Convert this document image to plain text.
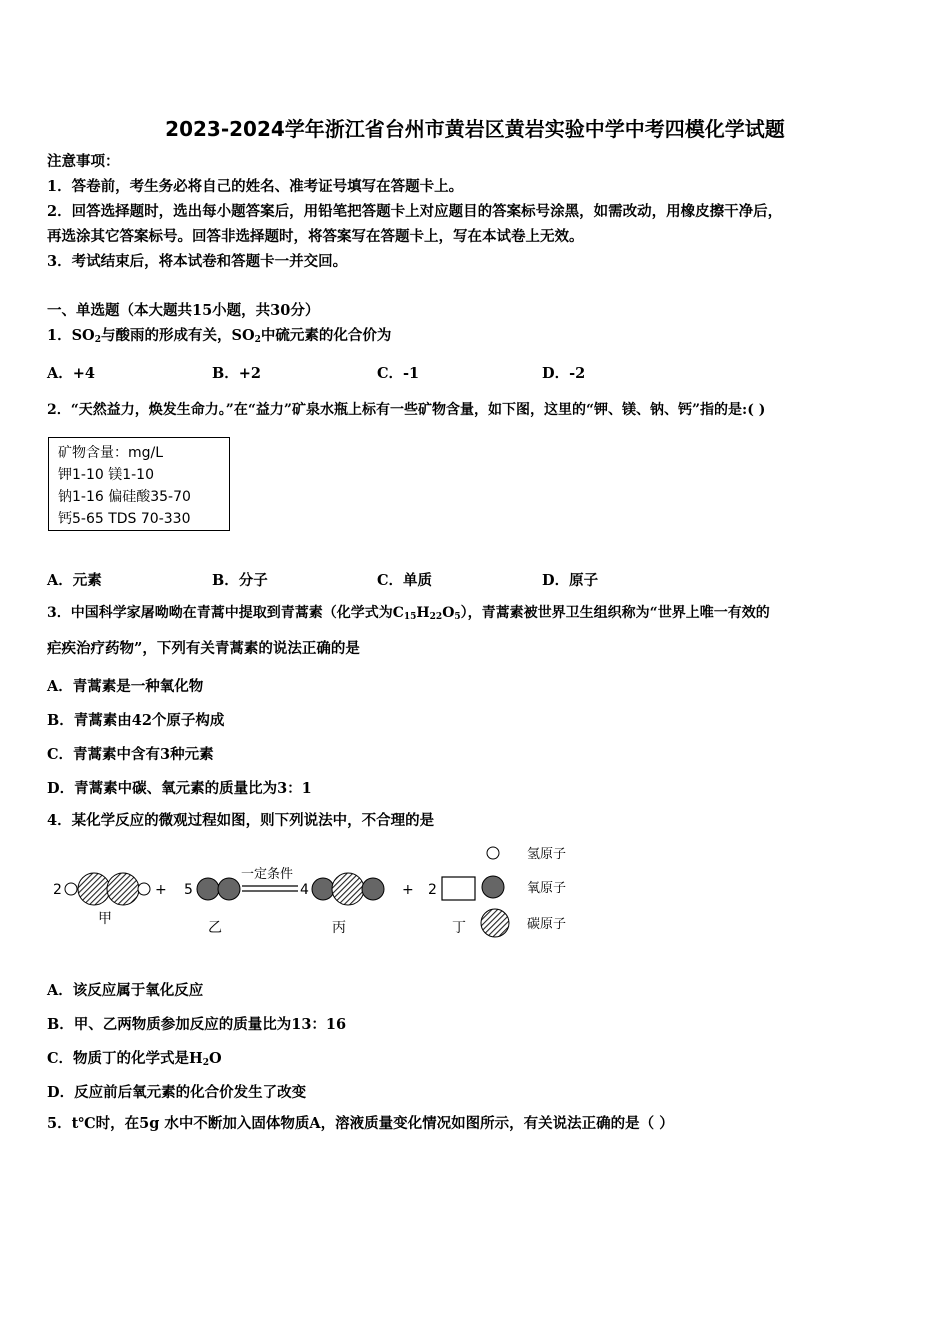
2023-2024学年浙江省台州市黄岩区黄岩实验中学中考四模化学试题
注意事项：
1．答卷前，考生务必将自己的姓名、准考证号填写在答题卡上。
2．回答选择题时，选出每小题答案后，用铅笔把答题卡上对应题目的答案标号涂黑，如需改动，用橡皮擦干净后，
再选涂其它答案标号。回答非选择题时，将答案写在答题卡上，写在本试卷上无效。
3．考试结束后，将本试卷和答题卡一并交回。
一、单选题（本大题共15小题，共30分）
1．$SO_2$与酸雨的形成有关，$SO_2$中硫元素的化合价为
A．+4	B．+2	C．-1	D．-2
2．“天然益力，焕发生命力。”在“益力”矿泉水瓶上标有一些矿物含量，如下图，这里的“钾、镁、钠、钙”指的是:( )
矿物含量：mg/L
钾1-10 镁1-10
钠1-16 偏硅酸35-70
钙5-65 TDS 70-330
A．元素	B．分子	C．单质	D．原子
3．中国科学家屠呦呦在青蒿中提取到青蒿素（化学式为$C_{15}H_{22}O_5$），青蒿素被世界卫生组织称为“世界上唯一有效的
疟疾治疗药物”，下列有关青蒿素的说法正确的是
A．青蒿素是一种氧化物
B．青蒿素由42个原子构成
C．青蒿素中含有3种元素
D．青蒿素中碳、氧元素的质量比为3：1
4．某化学反应的微观过程如图，则下列说法中，不合理的是
2	+
甲
5
乙
一定条件
4
丙
+ 2
丁
氢原子
氧原子
碳原子
A．该反应属于氧化反应
B．甲、乙两物质参加反应的质量比为13：16
C．物质丁的化学式是$H_2O$
D．反应前后氧元素的化合价发生了改变
5．t℃时，在5g 水中不断加入固体物质A，溶液质量变化情况如图所示，有关说法正确的是（ ）
